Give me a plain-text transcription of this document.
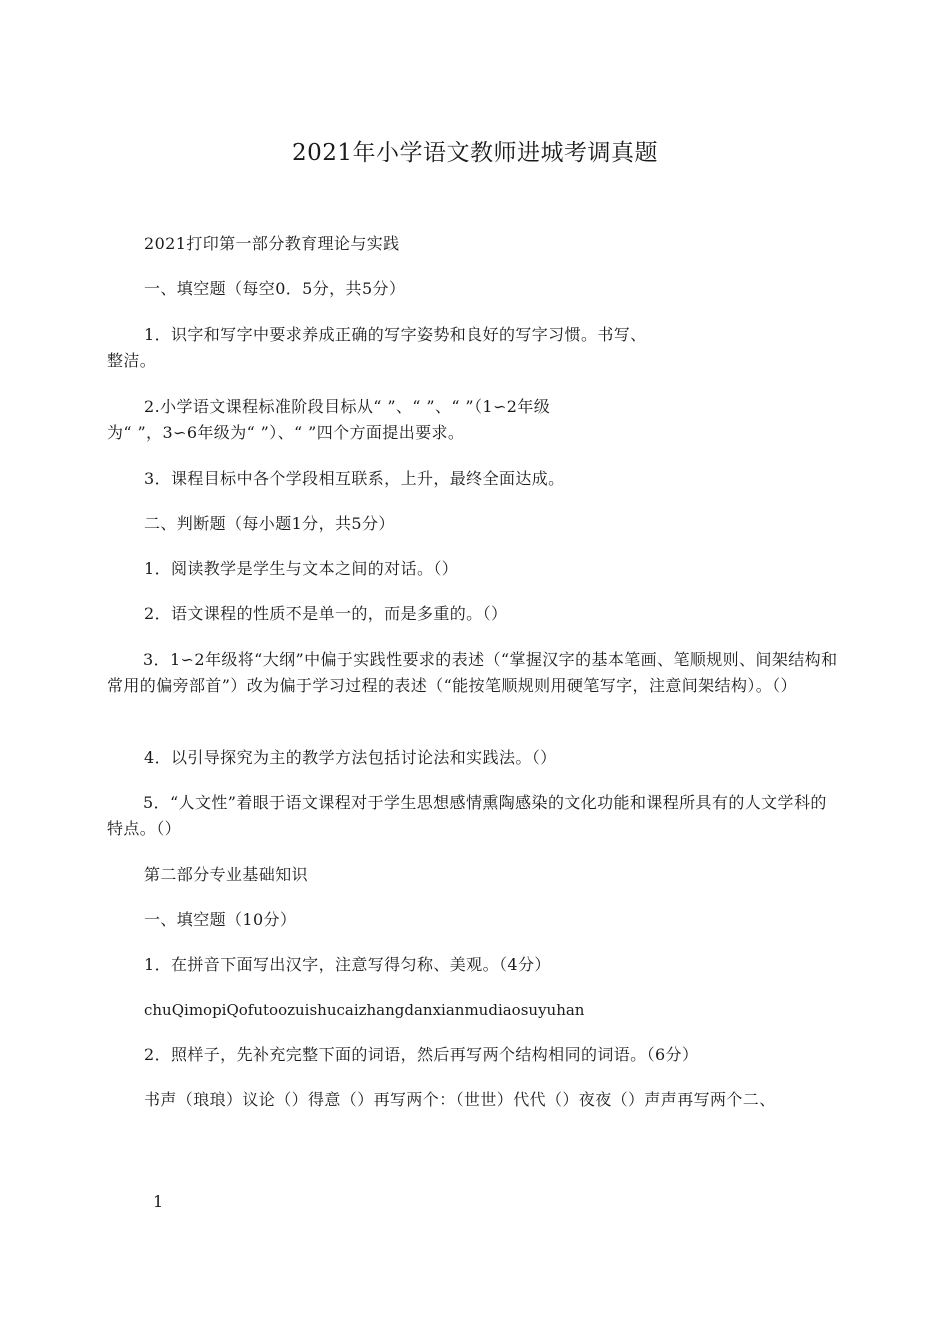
2021年小学语文教师进城考调真题
2021打印第一部分教育理论与实践
一、填空题（每空0．5分，共5分）
1．识字和写字中要求养成正确的写字姿势和良好的写字习惯。书写、
整洁。
2.小学语文课程标准阶段目标从“ ”、“ ”、“ ”（1∽2年级
为“ ”，3∽6年级为“ ”）、“ ”四个方面提出要求。
3．课程目标中各个学段相互联系，上升，最终全面达成。
二、判断题（每小题1分，共5分）
1．阅读教学是学生与文本之间的对话。（）
2．语文课程的性质不是单一的，而是多重的。（）
3．1∽2年级将“大纲”中偏于实践性要求的表述（“掌握汉字的基本笔画、笔顺规则、间架结构和常用的偏旁部首”）改为偏于学习过程的表述（“能按笔顺规则用硬笔写字，注意间架结构）。（）
4．以引导探究为主的教学方法包括讨论法和实践法。（）
5．“人文性”着眼于语文课程对于学生思想感情熏陶感染的文化功能和课程所具有的人文学科的特点。（）
第二部分专业基础知识
一、填空题（10分）
1．在拼音下面写出汉字，注意写得匀称、美观。（4分）
chuQimopiQofutoozuishucaizhangdanxianmudiaosuyuhan
2．照样子，先补充完整下面的词语，然后再写两个结构相同的词语。（6分）
书声（琅琅）议论（）得意（）再写两个：（世世）代代（）夜夜（）声声再写两个二、
1
